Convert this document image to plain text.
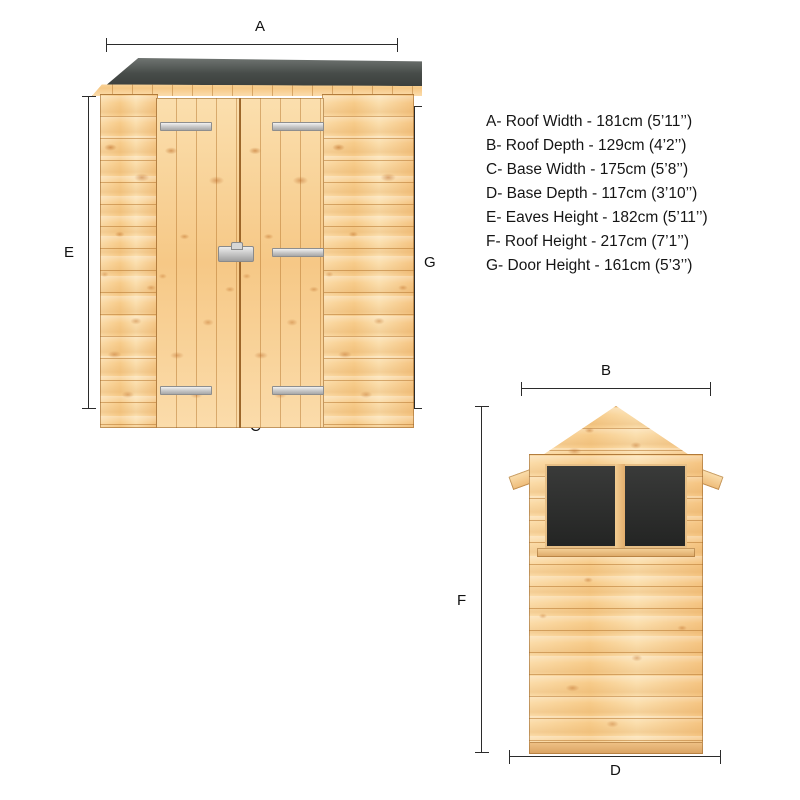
A
E
G
A- Roof Width - 181cm (5’11’’)
B- Roof Depth - 129cm (4’2’’)
C- Base Width - 175cm (5’8’’)
D- Base Depth - 117cm (3’10’’)
E- Eaves Height - 182cm (5’11’’)
F- Roof Height - 217cm (7’1’’)
G- Door Height - 161cm (5’3’’)
B
F
D
